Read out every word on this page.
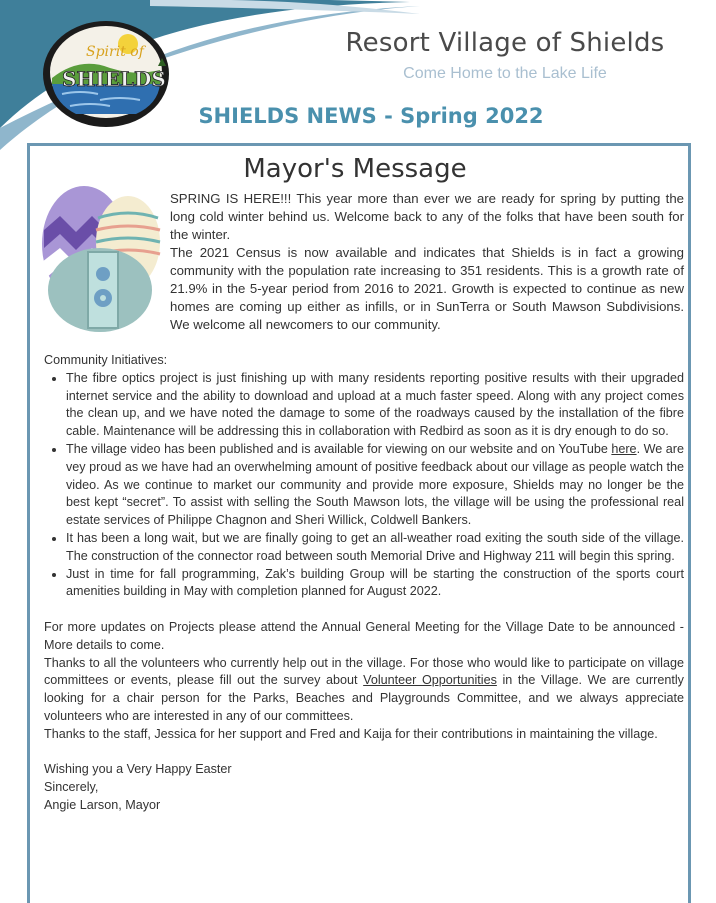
Spirit of
SHIELDS
Resort Village of Shields
Come Home to the Lake Life
SHIELDS NEWS - Spring 2022
Mayor's Message

SPRING IS HERE!!! This year more than ever we are ready for spring by putting the long cold winter behind us. Welcome back to any of the folks that have been south for the winter.

The 2021 Census is now available and indicates that Shields is in fact a growing community with the population rate increasing to 351 residents. This is a growth rate of 21.9% in the 5-year period from 2016 to 2021. Growth is expected to continue as new homes are coming up either as infills, or in SunTerra or South Mawson Subdivisions. We welcome all newcomers to our community.

Community Initiatives:

• The fibre optics project is just finishing up with many residents reporting positive results with their upgraded internet service and the ability to download and upload at a much faster speed. Along with any project comes the clean up, and we have noted the damage to some of the roadways caused by the installation of the fibre cable. Maintenance will be addressing this in collaboration with Redbird as soon as it is dry enough to do so.
• The village video has been published and is available for viewing on our website and on YouTube here. We are vey proud as we have had an overwhelming amount of positive feedback about our village as people watch the video. As we continue to market our community and provide more exposure, Shields may no longer be the best kept “secret”. To assist with selling the South Mawson lots, the village will be using the professional real estate services of Philippe Chagnon and Sheri Willick, Coldwell Bankers.
• It has been a long wait, but we are finally going to get an all-weather road exiting the south side of the village. The construction of the connector road between south Memorial Drive and Highway 211 will begin this spring.
• Just in time for fall programming, Zak’s building Group will be starting the construction of the sports court amenities building in May with completion planned for August 2022.

For more updates on Projects please attend the Annual General Meeting for the Village Date to be announced - More details to come.

Thanks to all the volunteers who currently help out in the village. For those who would like to participate on village committees or events, please fill out the survey about Volunteer Opportunities in the Village. We are currently looking for a chair person for the Parks, Beaches and Playgrounds Committee, and we always appreciate volunteers who are interested in any of our committees.

Thanks to the staff, Jessica for her support and Fred and Kaija for their contributions in maintaining the village.

Wishing you a Very Happy Easter

Sincerely,

Angie Larson, Mayor
